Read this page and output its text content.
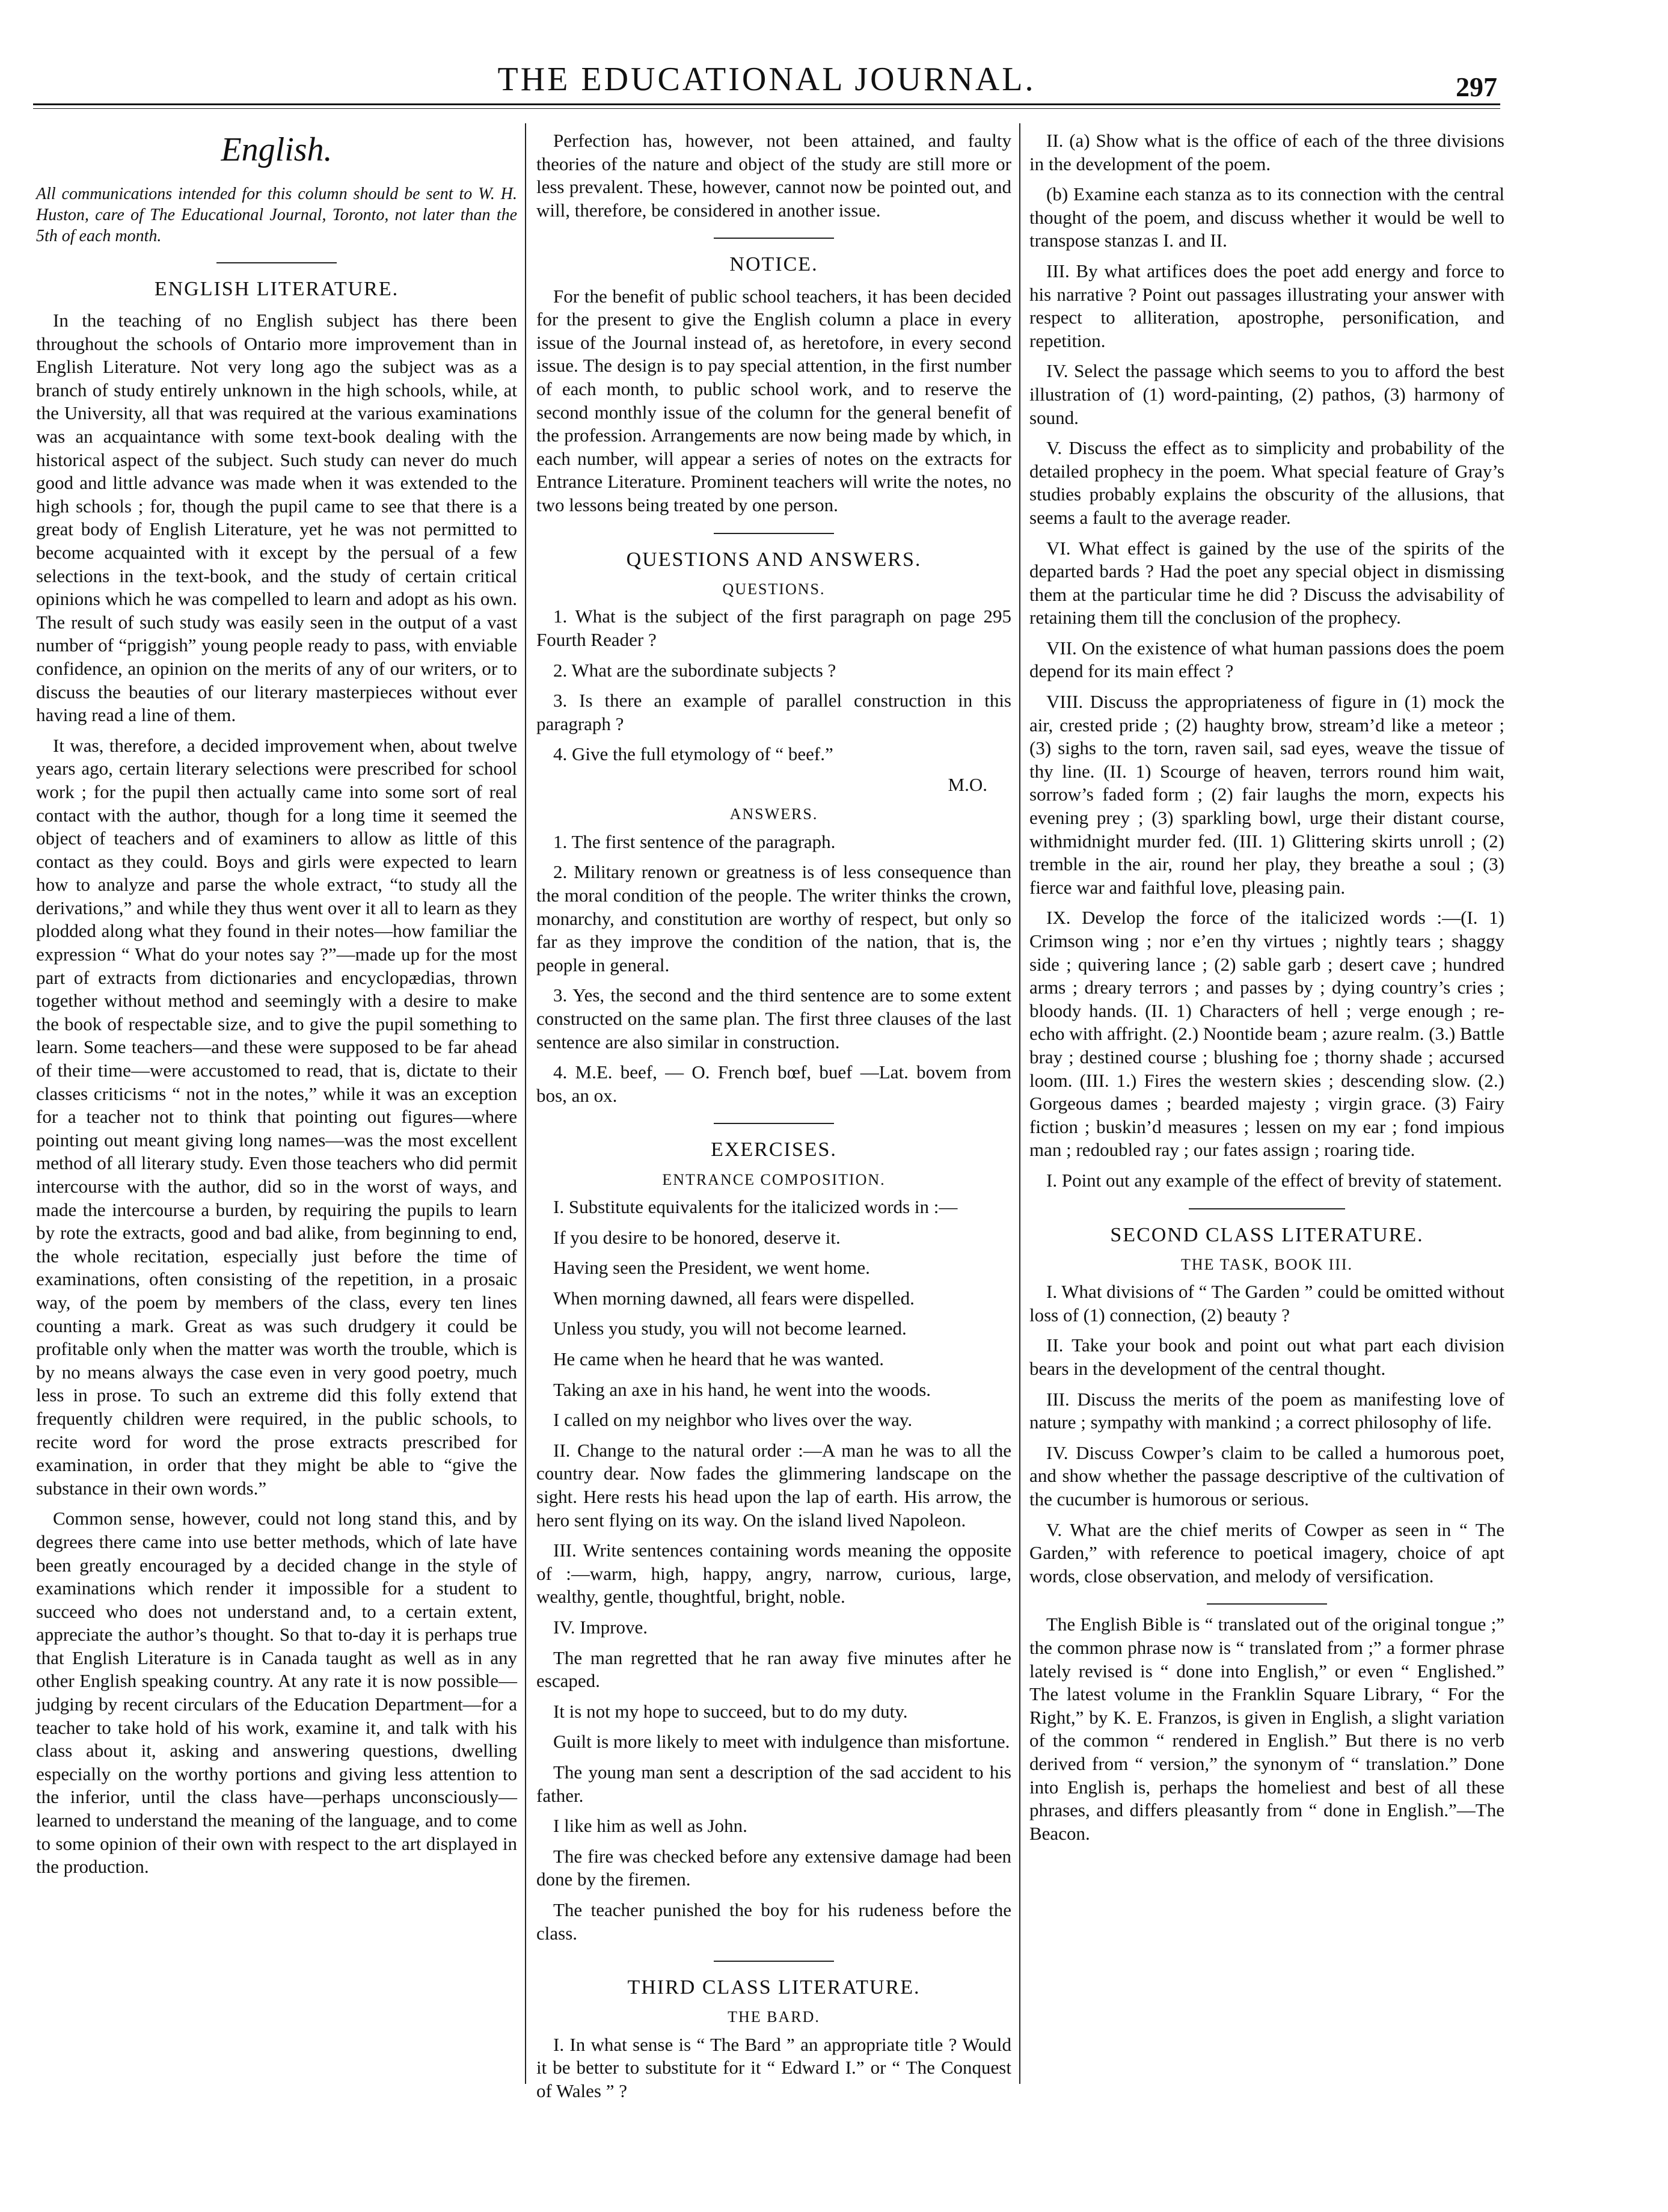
THE EDUCATIONAL JOURNAL.	297
English.
All communications intended for this column should be sent to W. H. Huston, care of The Educational Journal, Toronto, not later than the 5th of each month.
ENGLISH LITERATURE.

In the teaching of no English subject has there been throughout the schools of Ontario more improvement than in English Literature. Not very long ago the subject was as a branch of study entirely unknown in the high schools, while, at the University, all that was required at the various examinations was an acquaintance with some text-book dealing with the historical aspect of the subject. Such study can never do much good and little advance was made when it was extended to the high schools ; for, though the pupil came to see that there is a great body of English Literature, yet he was not permitted to become acquainted with it except by the persual of a few selections in the text-book, and the study of certain critical opinions which he was compelled to learn and adopt as his own. The result of such study was easily seen in the output of a vast number of “priggish” young people ready to pass, with enviable confidence, an opinion on the merits of any of our writers, or to discuss the beauties of our literary masterpieces without ever having read a line of them.

It was, therefore, a decided improvement when, about twelve years ago, certain literary selections were prescribed for school work ; for the pupil then actually came into some sort of real contact with the author, though for a long time it seemed the object of teachers and of examiners to allow as little of this contact as they could. Boys and girls were expected to learn how to analyze and parse the whole extract, “to study all the derivations,” and while they thus went over it all to learn as they plodded along what they found in their notes—how familiar the expression “ What do your notes say ?”—made up for the most part of extracts from dictionaries and encyclopædias, thrown together without method and seemingly with a desire to make the book of respectable size, and to give the pupil something to learn. Some teachers—and these were supposed to be far ahead of their time—were accustomed to read, that is, dictate to their classes criticisms “ not in the notes,” while it was an exception for a teacher not to think that pointing out figures—where pointing out meant giving long names—was the most excellent method of all literary study. Even those teachers who did permit intercourse with the author, did so in the worst of ways, and made the intercourse a burden, by requiring the pupils to learn by rote the extracts, good and bad alike, from beginning to end, the whole recitation, especially just before the time of examinations, often consisting of the repetition, in a prosaic way, of the poem by members of the class, every ten lines counting a mark. Great as was such drudgery it could be profitable only when the matter was worth the trouble, which is by no means always the case even in very good poetry, much less in prose. To such an extreme did this folly extend that frequently children were required, in the public schools, to recite word for word the prose extracts prescribed for examination, in order that they might be able to “give the substance in their own words.”

Common sense, however, could not long stand this, and by degrees there came into use better methods, which of late have been greatly encouraged by a decided change in the style of examinations which render it impossible for a student to succeed who does not understand and, to a certain extent, appreciate the author’s thought. So that to-day it is perhaps true that English Literature is in Canada taught as well as in any other English speaking country. At any rate it is now possible—judging by recent circulars of the Education Department—for a teacher to take hold of his work, examine it, and talk with his class about it, asking and answering questions, dwelling especially on the worthy portions and giving less attention to the inferior, until the class have—perhaps unconsciously—learned to understand the meaning of the language, and to come to some opinion of their own with respect to the art displayed in the production.

Perfection has, however, not been attained, and faulty theories of the nature and object of the study are still more or less prevalent. These, however, cannot now be pointed out, and will, therefore, be considered in another issue.

NOTICE.

For the benefit of public school teachers, it has been decided for the present to give the English column a place in every issue of the Journal instead of, as heretofore, in every second issue. The design is to pay special attention, in the first number of each month, to public school work, and to reserve the second monthly issue of the column for the general benefit of the profession. Arrangements are now being made by which, in each number, will appear a series of notes on the extracts for Entrance Literature. Prominent teachers will write the notes, no two lessons being treated by one person.

QUESTIONS AND ANSWERS.
QUESTIONS.

1. What is the subject of the first paragraph on page 295 Fourth Reader ?

2. What are the subordinate subjects ?

3. Is there an example of parallel construction in this paragraph ?

4. Give the full etymology of “ beef.”

M.O.
ANSWERS.

1. The first sentence of the paragraph.

2. Military renown or greatness is of less consequence than the moral condition of the people. The writer thinks the crown, monarchy, and constitution are worthy of respect, but only so far as they improve the condition of the nation, that is, the people in general.

3. Yes, the second and the third sentence are to some extent constructed on the same plan. The first three clauses of the last sentence are also similar in construction.

4. M.E. beef, — O. French bœf, buef —Lat. bovem from bos, an ox.

EXERCISES.
ENTRANCE COMPOSITION.

I. Substitute equivalents for the italicized words in :—

If you desire to be honored, deserve it.

Having seen the President, we went home.

When morning dawned, all fears were dispelled.

Unless you study, you will not become learned.

He came when he heard that he was wanted.

Taking an axe in his hand, he went into the woods.

I called on my neighbor who lives over the way.

II. Change to the natural order :—A man he was to all the country dear. Now fades the glimmering landscape on the sight. Here rests his head upon the lap of earth. His arrow, the hero sent flying on its way. On the island lived Napoleon.

III. Write sentences containing words meaning the opposite of :—warm, high, happy, angry, narrow, curious, large, wealthy, gentle, thoughtful, bright, noble.

IV. Improve.

The man regretted that he ran away five minutes after he escaped.

It is not my hope to succeed, but to do my duty.

Guilt is more likely to meet with indulgence than misfortune.

The young man sent a description of the sad accident to his father.

I like him as well as John.

The fire was checked before any extensive damage had been done by the firemen.

The teacher punished the boy for his rudeness before the class.

THIRD CLASS LITERATURE.
THE BARD.

I. In what sense is “ The Bard ” an appropriate title ? Would it be better to substitute for it “ Edward I.” or “ The Conquest of Wales ” ?

II. (a) Show what is the office of each of the three divisions in the development of the poem.

(b) Examine each stanza as to its connection with the central thought of the poem, and discuss whether it would be well to transpose stanzas I. and II.

III. By what artifices does the poet add energy and force to his narrative ? Point out passages illustrating your answer with respect to alliteration, apostrophe, personification, and repetition.

IV. Select the passage which seems to you to afford the best illustration of (1) word-painting, (2) pathos, (3) harmony of sound.

V. Discuss the effect as to simplicity and probability of the detailed prophecy in the poem. What special feature of Gray’s studies probably explains the obscurity of the allusions, that seems a fault to the average reader.

VI. What effect is gained by the use of the spirits of the departed bards ? Had the poet any special object in dismissing them at the particular time he did ? Discuss the advisability of retaining them till the conclusion of the prophecy.

VII. On the existence of what human passions does the poem depend for its main effect ?

VIII. Discuss the appropriateness of figure in (1) mock the air, crested pride ; (2) haughty brow, stream’d like a meteor ; (3) sighs to the torn, raven sail, sad eyes, weave the tissue of thy line. (II. 1) Scourge of heaven, terrors round him wait, sorrow’s faded form ; (2) fair laughs the morn, expects his evening prey ; (3) sparkling bowl, urge their distant course, withmidnight murder fed. (III. 1) Glittering skirts unroll ; (2) tremble in the air, round her play, they breathe a soul ; (3) fierce war and faithful love, pleasing pain.

IX. Develop the force of the italicized words :—(I. 1) Crimson wing ; nor e’en thy virtues ; nightly tears ; shaggy side ; quivering lance ; (2) sable garb ; desert cave ; hundred arms ; dreary terrors ; and passes by ; dying country’s cries ; bloody hands. (II. 1) Characters of hell ; verge enough ; re-echo with affright. (2.) Noontide beam ; azure realm. (3.) Battle bray ; destined course ; blushing foe ; thorny shade ; accursed loom. (III. 1.) Fires the western skies ; descending slow. (2.) Gorgeous dames ; bearded majesty ; virgin grace. (3) Fairy fiction ; buskin’d measures ; lessen on my ear ; fond impious man ; redoubled ray ; our fates assign ; roaring tide.

I. Point out any example of the effect of brevity of statement.

SECOND CLASS LITERATURE.
THE TASK, BOOK III.

I. What divisions of “ The Garden ” could be omitted without loss of (1) connection, (2) beauty ?

II. Take your book and point out what part each division bears in the development of the central thought.

III. Discuss the merits of the poem as manifesting love of nature ; sympathy with mankind ; a correct philosophy of life.

IV. Discuss Cowper’s claim to be called a humorous poet, and show whether the passage descriptive of the cultivation of the cucumber is humorous or serious.

V. What are the chief merits of Cowper as seen in “ The Garden,” with reference to poetical imagery, choice of apt words, close observation, and melody of versification.

The English Bible is “ translated out of the original tongue ;” the common phrase now is “ translated from ;” a former phrase lately revised is “ done into English,” or even “ Englished.” The latest volume in the Franklin Square Library, “ For the Right,” by K. E. Franzos, is given in English, a slight variation of the common “ rendered in English.” But there is no verb derived from “ version,” the synonym of “ translation.” Done into English is, perhaps the homeliest and best of all these phrases, and differs pleasantly from “ done in English.”—The Beacon.
